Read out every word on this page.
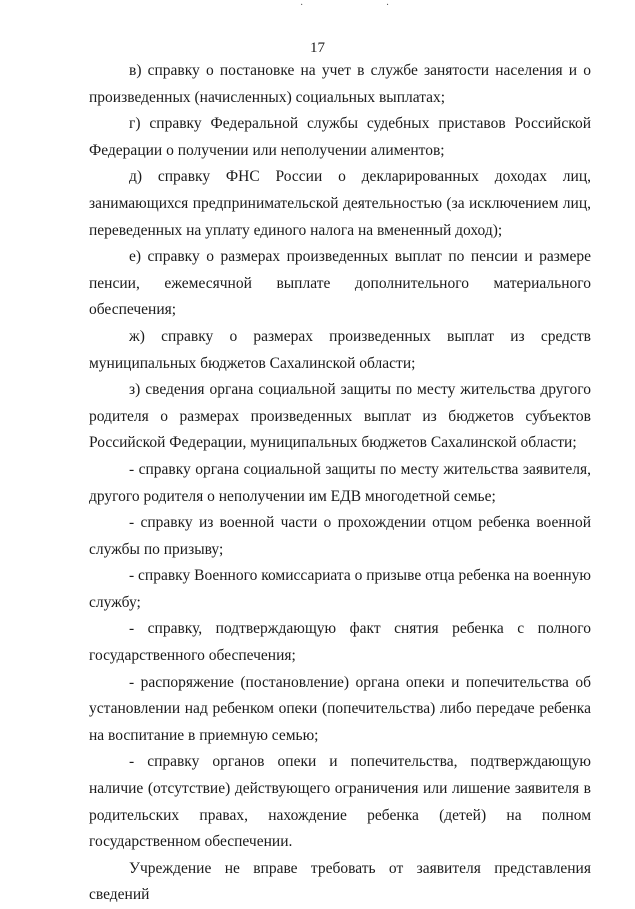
· ·
17

в) справку о постановке на учет в службе занятости населения и о произведенных (начисленных) социальных выплатах;

г) справку Федеральной службы судебных приставов Российской Федерации о получении или неполучении алиментов;

д) справку ФНС России о декларированных доходах лиц, занимающихся предпринимательской деятельностью (за исключением лиц, переведенных на уплату единого налога на вмененный доход);

е) справку о размерах произведенных выплат по пенсии и размере пенсии, ежемесячной выплате дополнительного материального обеспечения;

ж) справку о размерах произведенных выплат из средств муниципальных бюджетов Сахалинской области;

з) сведения органа социальной защиты по месту жительства другого родителя о размерах произведенных выплат из бюджетов субъектов Российской Федерации, муниципальных бюджетов Сахалинской области;

- справку органа социальной защиты по месту жительства заявителя, другого родителя о неполучении им ЕДВ многодетной семье;

- справку из военной части о прохождении отцом ребенка военной службы по призыву;

- справку Военного комиссариата о призыве отца ребенка на военную службу;

- справку, подтверждающую факт снятия ребенка с полного государственного обеспечения;

- распоряжение (постановление) органа опеки и попечительства об установлении над ребенком опеки (попечительства) либо передаче ребенка на воспитание в приемную семью;

- справку органов опеки и попечительства, подтверждающую наличие (отсутствие) действующего ограничения или лишение заявителя в родительских правах, нахождение ребенка (детей) на полном государственном обеспечении.

Учреждение не вправе требовать от заявителя представления сведений
